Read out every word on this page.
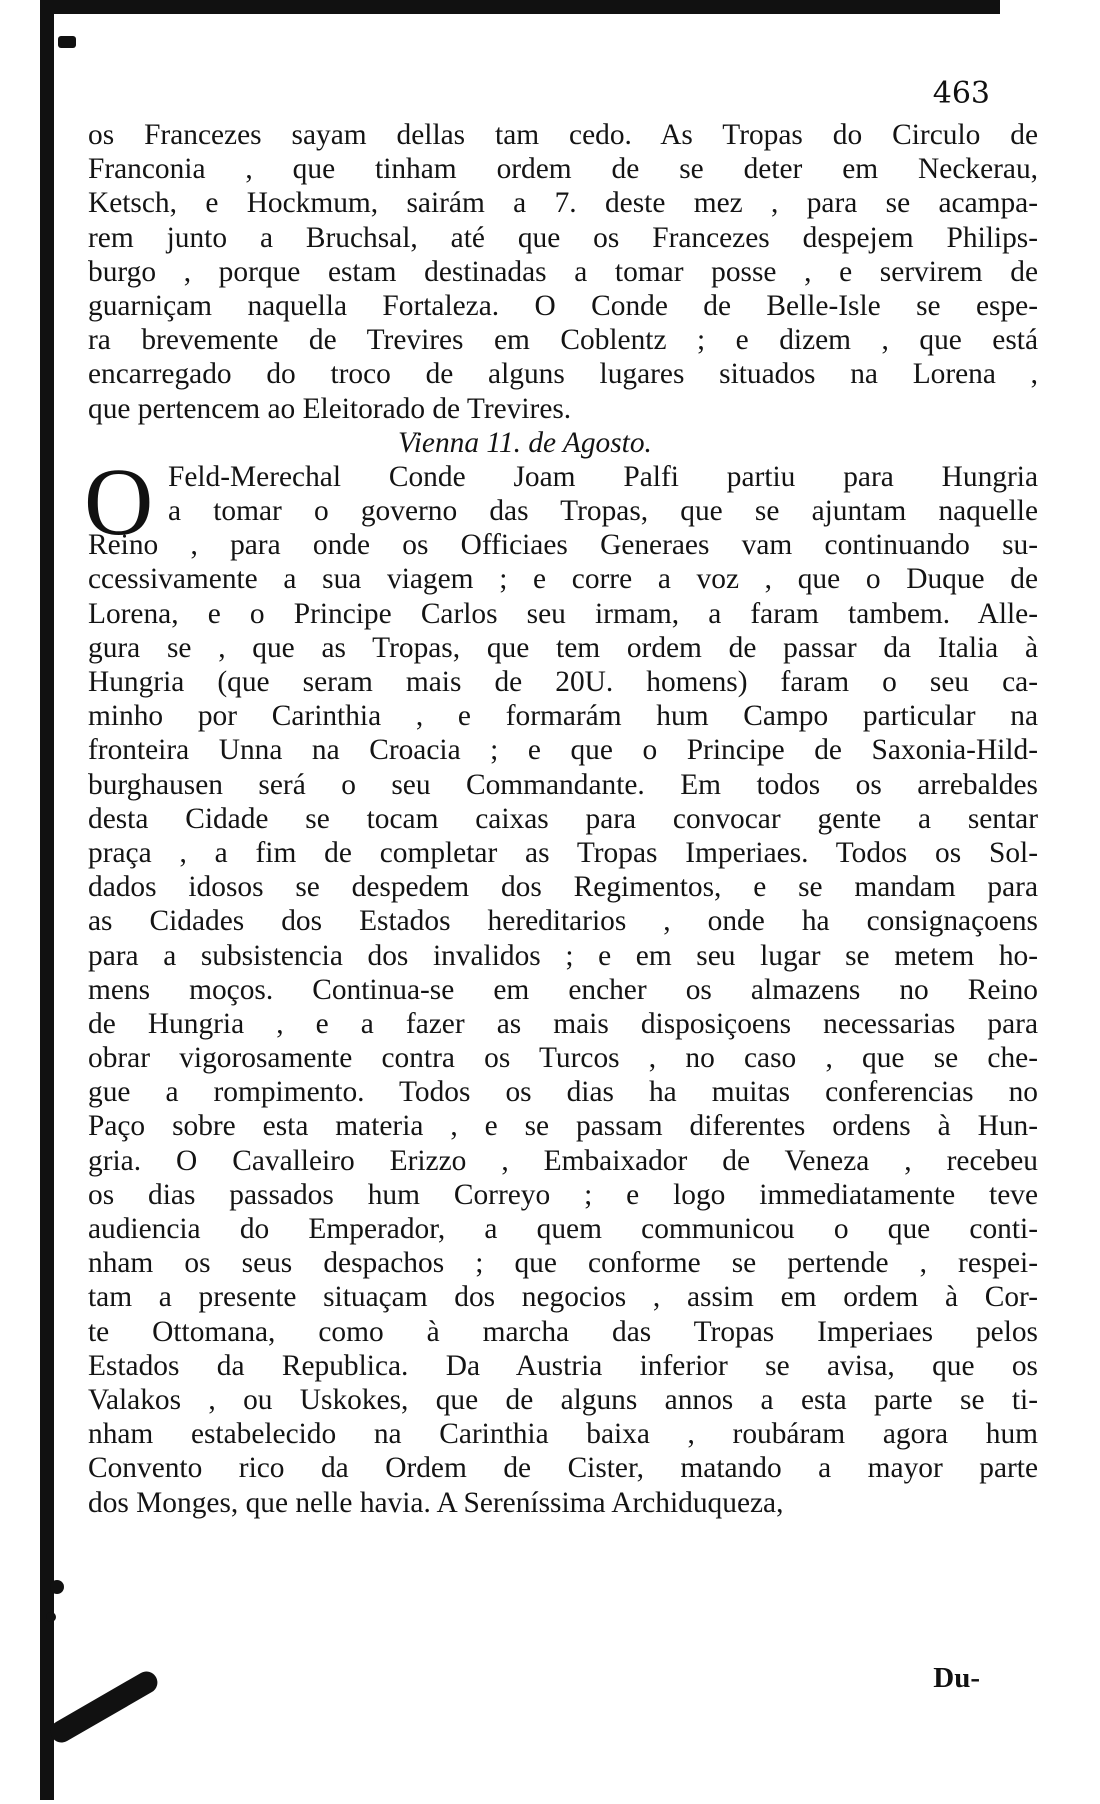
463
os Francezes sayam dellas tam cedo. As Tropas do Circulo de
Franconia , que tinham ordem de se deter em Neckerau,
Ketsch, e Hockmum, sairám a 7. deste mez , para se acampa-
rem junto a Bruchsal, até que os Francezes despejem Philips-
burgo , porque estam destinadas a tomar posse , e servirem de
guarniçam naquella Fortaleza. O Conde de Belle-Isle se espe-
ra brevemente de Trevires em Coblentz ; e dizem , que está
encarregado do troco de alguns lugares situados na Lorena ,
que pertencem ao Eleitorado de Trevires.
Vienna 11. de Agosto.
O Feld-Merechal Conde Joam Palfi partiu para Hungria
a tomar o governo das Tropas, que se ajuntam naquelle
Reino , para onde os Officiaes Generaes vam continuando su-
ccessivamente a sua viagem ; e corre a voz , que o Duque de
Lorena, e o Principe Carlos seu irmam, a faram tambem. Alle-
gura se , que as Tropas, que tem ordem de passar da Italia à
Hungria (que seram mais de 20U. homens) faram o seu ca-
minho por Carinthia , e formarám hum Campo particular na
fronteira Unna na Croacia ; e que o Principe de Saxonia-Hild-
burghausen será o seu Commandante. Em todos os arrebaldes
desta Cidade se tocam caixas para convocar gente a sentar
praça , a fim de completar as Tropas Imperiaes. Todos os Sol-
dados idosos se despedem dos Regimentos, e se mandam para
as Cidades dos Estados hereditarios , onde ha consignaçoens
para a subsistencia dos invalidos ; e em seu lugar se metem ho-
mens moços. Continua-se em encher os almazens no Reino
de Hungria , e a fazer as mais disposiçoens necessarias para
obrar vigorosamente contra os Turcos , no caso , que se che-
gue a rompimento. Todos os dias ha muitas conferencias no
Paço sobre esta materia , e se passam diferentes ordens à Hun-
gria. O Cavalleiro Erizzo , Embaixador de Veneza , recebeu
os dias passados hum Correyo ; e logo immediatamente teve
audiencia do Emperador, a quem communicou o que conti-
nham os seus despachos ; que conforme se pertende , respei-
tam a presente situaçam dos negocios , assim em ordem à Cor-
te Ottomana, como à marcha das Tropas Imperiaes pelos
Estados da Republica. Da Austria inferior se avisa, que os
Valakos , ou Uskokes, que de alguns annos a esta parte se ti-
nham estabelecido na Carinthia baixa , roubáram agora hum
Convento rico da Ordem de Cister, matando a mayor parte
dos Monges, que nelle havia. A Sereníssima Archiduqueza,
Du-
